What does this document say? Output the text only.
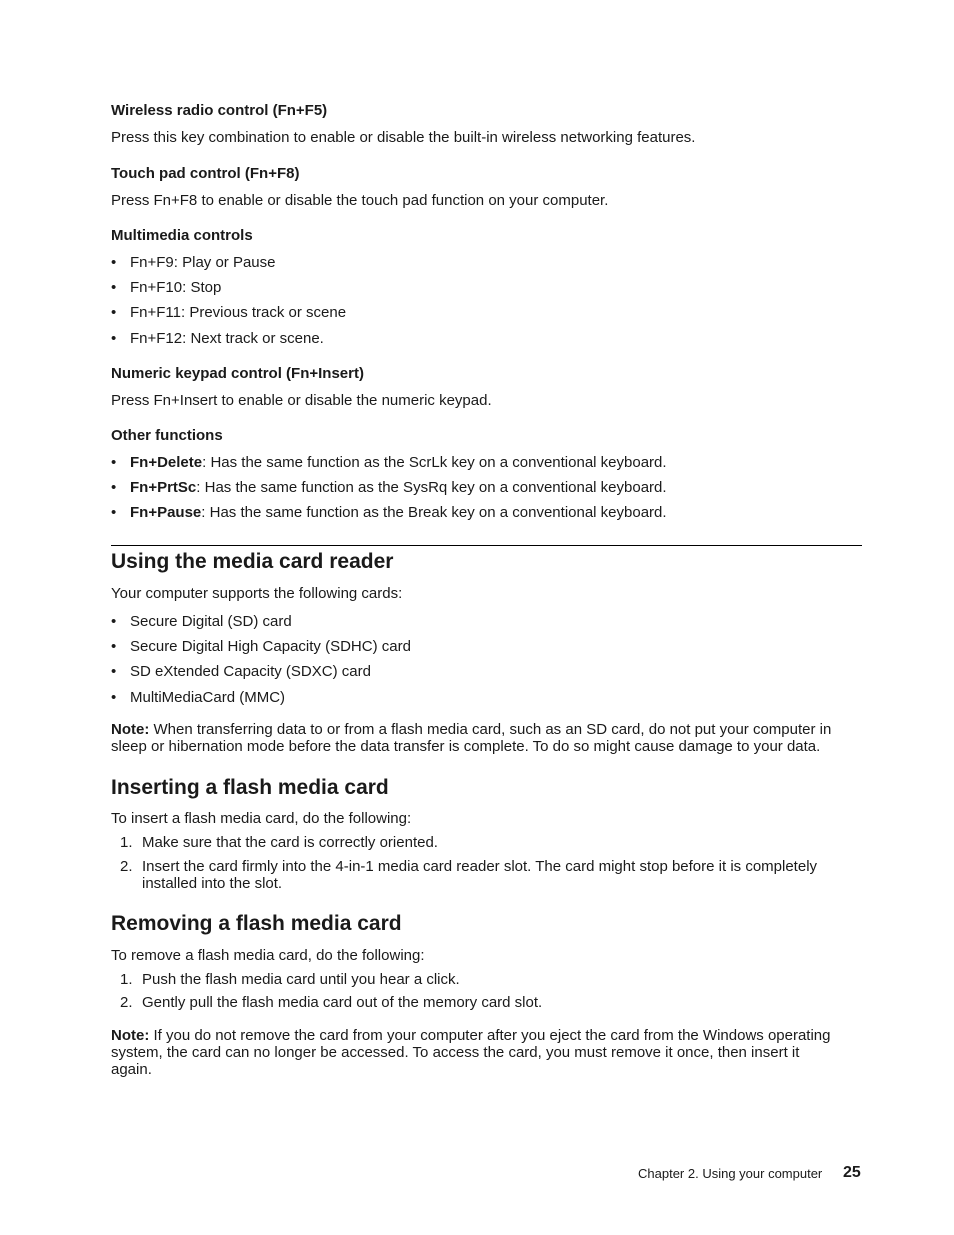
Wireless radio control (Fn+F5)
Press this key combination to enable or disable the built-in wireless networking features.
Touch pad control (Fn+F8)
Press Fn+F8 to enable or disable the touch pad function on your computer.
Multimedia controls
• Fn+F9: Play or Pause
• Fn+F10: Stop
• Fn+F11: Previous track or scene
• Fn+F12: Next track or scene.
Numeric keypad control (Fn+Insert)
Press Fn+Insert to enable or disable the numeric keypad.
Other functions
• Fn+Delete: Has the same function as the ScrLk key on a conventional keyboard.
• Fn+PrtSc: Has the same function as the SysRq key on a conventional keyboard.
• Fn+Pause: Has the same function as the Break key on a conventional keyboard.
Using the media card reader
Your computer supports the following cards:
• Secure Digital (SD) card
• Secure Digital High Capacity (SDHC) card
• SD eXtended Capacity (SDXC) card
• MultiMediaCard (MMC)
Note: When transferring data to or from a flash media card, such as an SD card, do not put your computer in sleep or hibernation mode before the data transfer is complete. To do so might cause damage to your data.
Inserting a flash media card
To insert a flash media card, do the following:
1. Make sure that the card is correctly oriented.
2. Insert the card firmly into the 4-in-1 media card reader slot. The card might stop before it is completely installed into the slot.
Removing a flash media card
To remove a flash media card, do the following:
1. Push the flash media card until you hear a click.
2. Gently pull the flash media card out of the memory card slot.
Note: If you do not remove the card from your computer after you eject the card from the Windows operating system, the card can no longer be accessed. To access the card, you must remove it once, then insert it again.
Chapter 2. Using your computer 25
